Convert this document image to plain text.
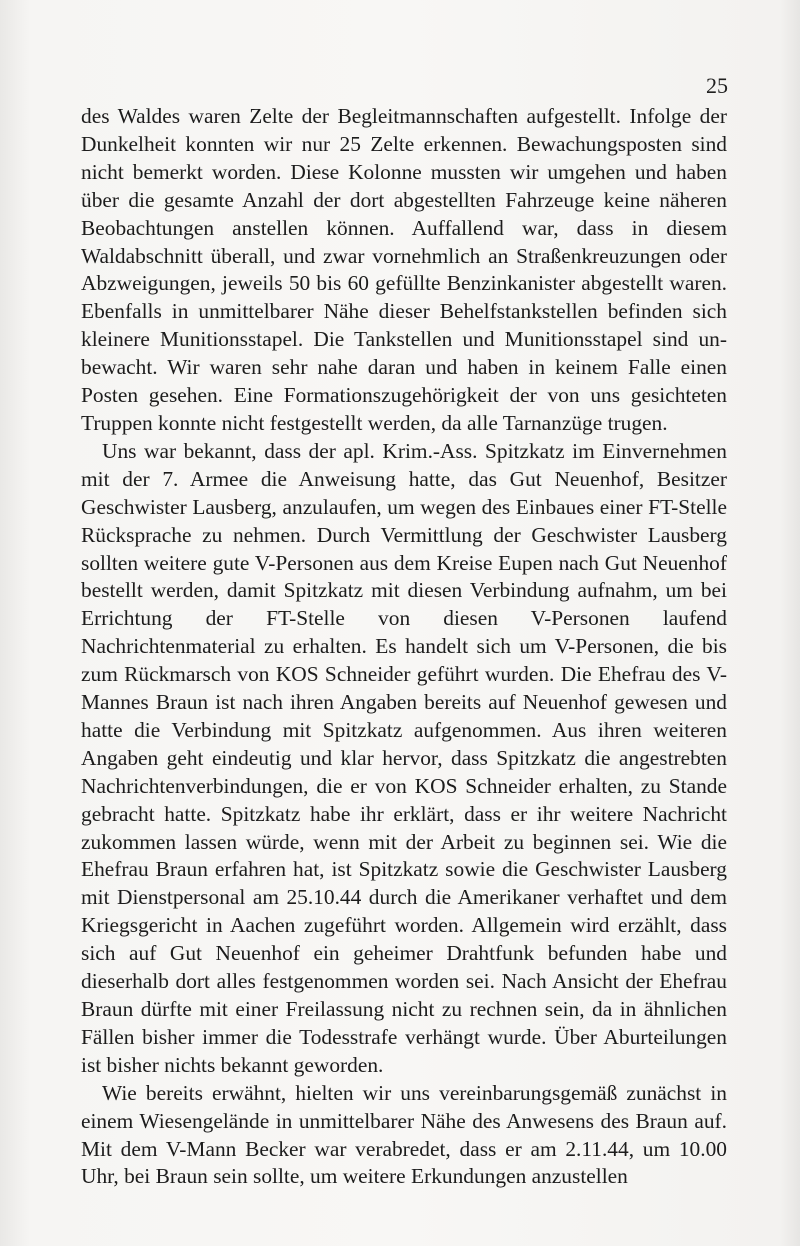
25

des Waldes waren Zelte der Begleitmannschaften aufgestellt. Infolge der Dunkelheit konnten wir nur 25 Zelte erkennen. Bewachungsposten sind nicht bemerkt worden. Diese Kolonne mussten wir umgehen und haben über die gesamte Anzahl der dort abgestellten Fahrzeuge keine näheren Beobachtungen anstellen können. Auffallend war, dass in diesem Waldabschnitt überall, und zwar vornehmlich an Straßenkreuzungen oder Abzweigungen, jeweils 50 bis 60 gefüllte Benzinkanister abgestellt waren. Ebenfalls in unmittelbarer Nähe dieser Behelfstankstellen befinden sich kleinere Munitionsstapel. Die Tankstellen und Munitionsstapel sind unbewacht. Wir waren sehr nahe daran und haben in keinem Falle einen Posten gesehen. Eine Formationszugehörigkeit der von uns gesichteten Truppen konnte nicht festgestellt werden, da alle Tarnanzüge trugen.

Uns war bekannt, dass der apl. Krim.-Ass. Spitzkatz im Einvernehmen mit der 7. Armee die Anweisung hatte, das Gut Neuenhof, Besitzer Geschwister Lausberg, anzulaufen, um wegen des Einbaues einer FT-Stelle Rücksprache zu nehmen. Durch Vermittlung der Geschwister Lausberg sollten weitere gute V-Personen aus dem Kreise Eupen nach Gut Neuenhof bestellt werden, damit Spitzkatz mit diesen Verbindung aufnahm, um bei Errichtung der FT-Stelle von diesen V-Personen laufend Nachrichtenmaterial zu erhalten. Es handelt sich um V-Personen, die bis zum Rückmarsch von KOS Schneider geführt wurden. Die Ehefrau des V-Mannes Braun ist nach ihren Angaben bereits auf Neuenhof gewesen und hatte die Verbindung mit Spitzkatz aufgenommen. Aus ihren weiteren Angaben geht eindeutig und klar hervor, dass Spitzkatz die angestrebten Nachrichtenverbindungen, die er von KOS Schneider erhalten, zu Stande gebracht hatte. Spitzkatz habe ihr erklärt, dass er ihr weitere Nachricht zukommen lassen würde, wenn mit der Arbeit zu beginnen sei. Wie die Ehefrau Braun erfahren hat, ist Spitzkatz sowie die Geschwister Lausberg mit Dienstpersonal am 25.10.44 durch die Amerikaner verhaftet und dem Kriegsgericht in Aachen zugeführt worden. Allgemein wird erzählt, dass sich auf Gut Neuenhof ein geheimer Drahtfunk befunden habe und dieserhalb dort alles festgenommen worden sei. Nach Ansicht der Ehefrau Braun dürfte mit einer Freilassung nicht zu rechnen sein, da in ähnlichen Fällen bisher immer die Todesstrafe verhängt wurde. Über Aburteilungen ist bisher nichts bekannt geworden.

Wie bereits erwähnt, hielten wir uns vereinbarungsgemäß zunächst in einem Wiesengelände in unmittelbarer Nähe des Anwesens des Braun auf. Mit dem V-Mann Becker war verabredet, dass er am 2.11.44, um 10.00 Uhr, bei Braun sein sollte, um weitere Erkundungen anzustellen
